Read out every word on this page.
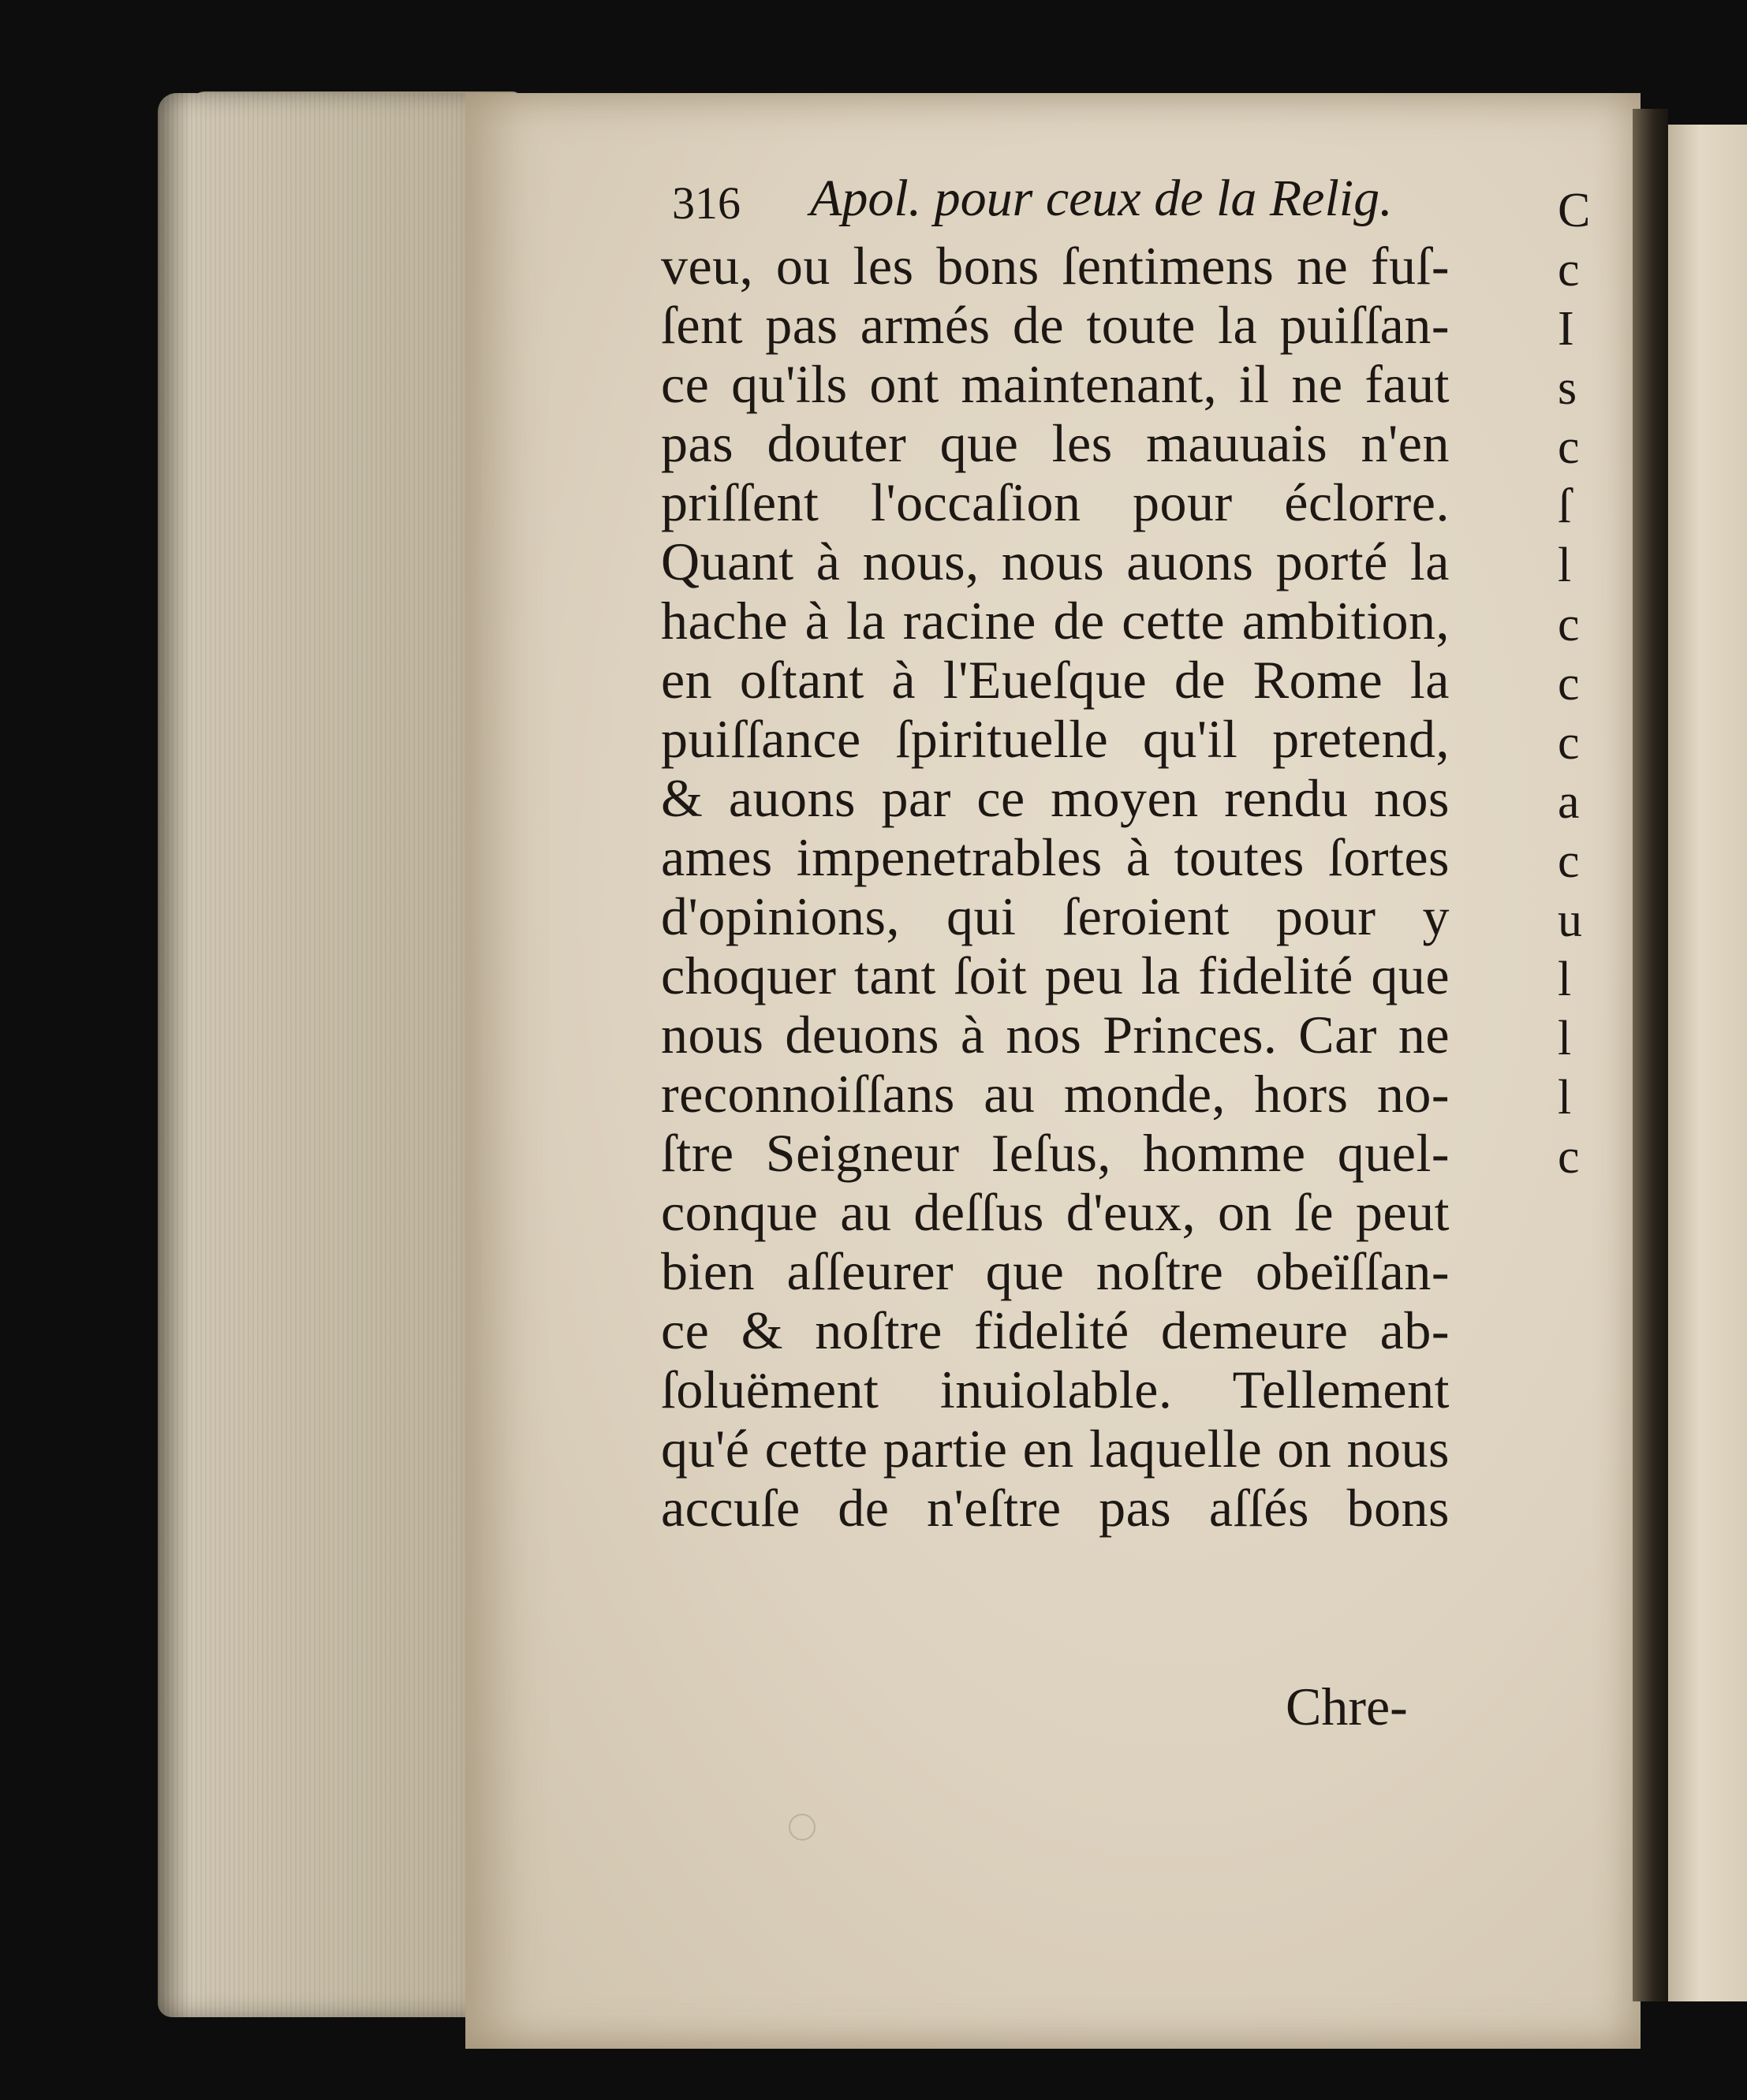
C
c
I
s
c
ſ
l
c
c
c
a
c
u
l
l
l
c
316 Apol. pour ceux de la Relig.
veu, ou les bons ſentimens ne fuſ-
ſent pas armés de toute la puiſſan-
ce qu'ils ont maintenant, il ne faut
pas douter que les mauuais n'en
priſſent l'occaſion pour éclorre.
Quant à nous, nous auons porté la
hache à la racine de cette ambition,
en oſtant à l'Eueſque de Rome la
puiſſance ſpirituelle qu'il pretend,
& auons par ce moyen rendu nos
ames impenetrables à toutes ſortes
d'opinions, qui ſeroient pour y
choquer tant ſoit peu la fidelité que
nous deuons à nos Princes. Car ne
reconnoiſſans au monde, hors no-
ſtre Seigneur Ieſus, homme quel-
conque au deſſus d'eux, on ſe peut
bien aſſeurer que noſtre obeïſſan-
ce & noſtre fidelité demeure ab-
ſoluëment inuiolable. Tellement
qu'é cette partie en laquelle on nous
accuſe de n'eſtre pas aſſés bons
Chre-
